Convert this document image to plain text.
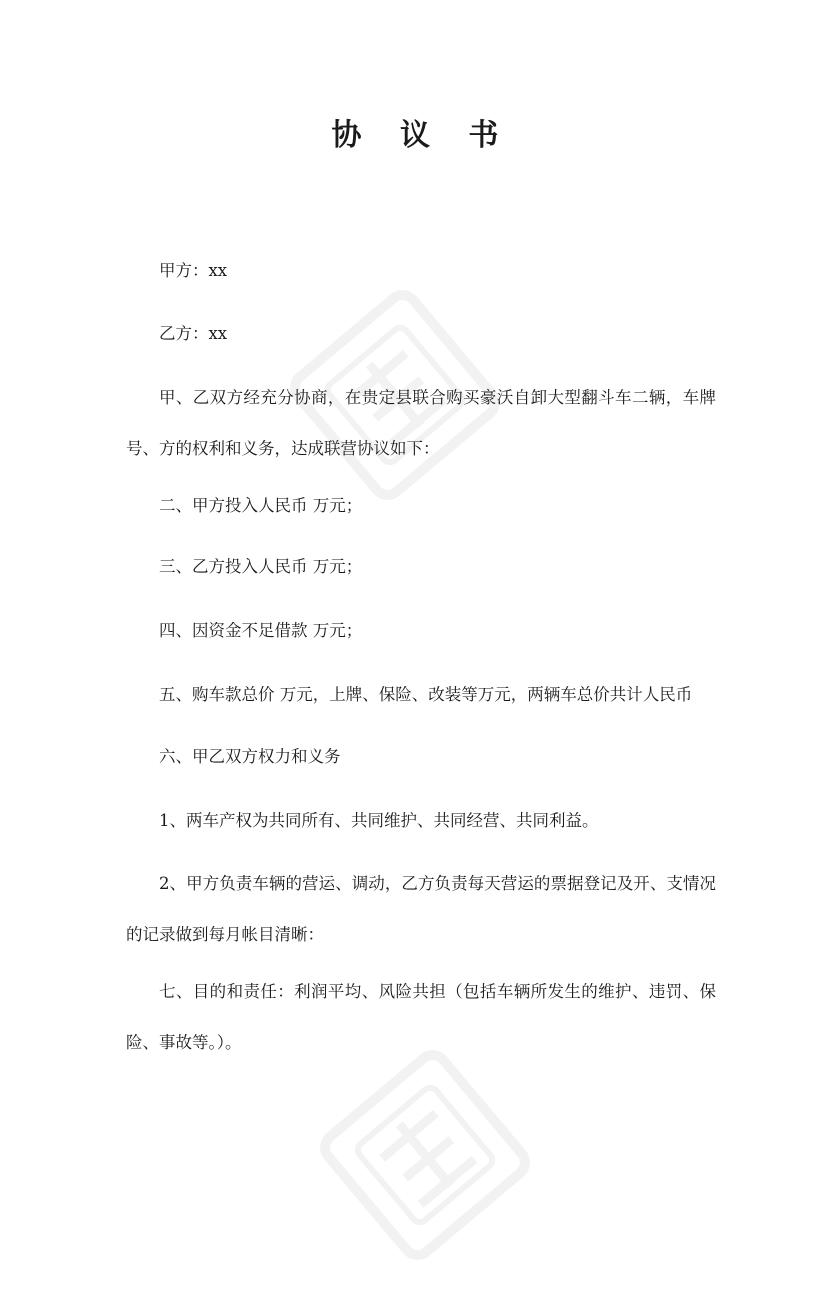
协 议 书

甲方：xx

乙方：xx

甲、乙双方经充分协商，在贵定县联合购买豪沃自卸大型翻斗车二辆，车牌号、方的权利和义务，达成联营协议如下：

二、甲方投入人民币 万元；

三、乙方投入人民币 万元；

四、因资金不足借款 万元；

五、购车款总价 万元，上牌、保险、改装等万元，两辆车总价共计人民币

六、甲乙双方权力和义务

1、两车产权为共同所有、共同维护、共同经营、共同利益。

2、甲方负责车辆的营运、调动，乙方负责每天营运的票据登记及开、支情况的记录做到每月帐目清晰：

七、目的和责任：利润平均、风险共担（包括车辆所发生的维护、违罚、保险、事故等。）。
